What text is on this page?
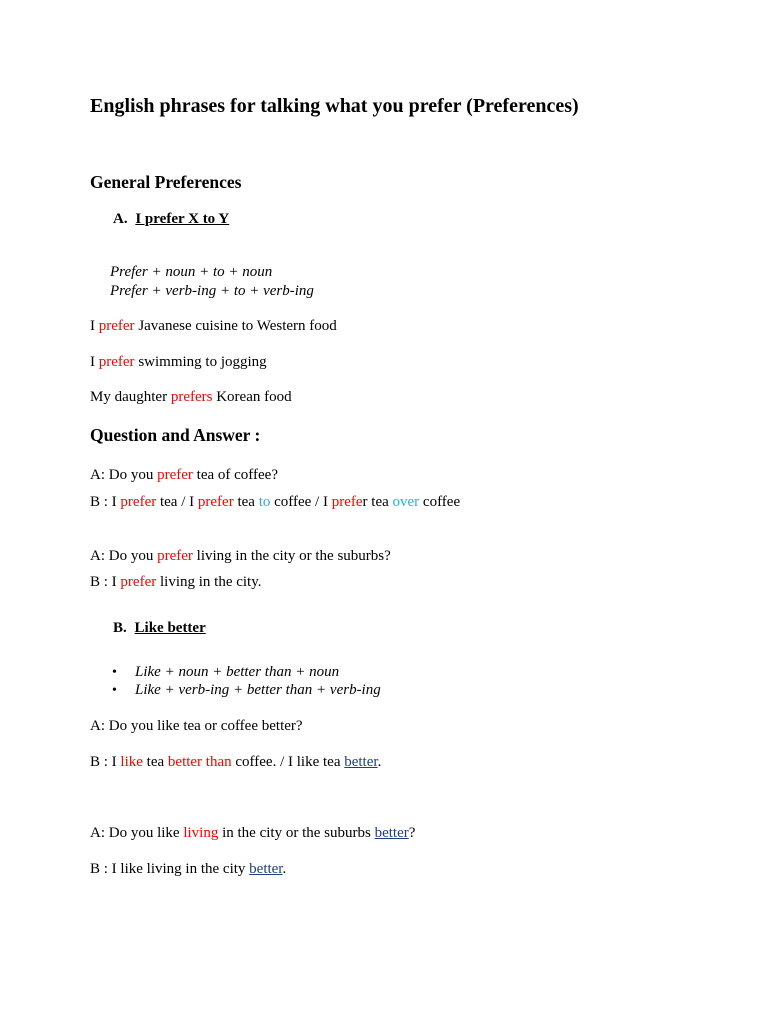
English phrases for talking what you prefer (Preferences)
General Preferences
A. I prefer X to Y
Prefer + noun + to + noun
Prefer + verb-ing + to + verb-ing
I prefer Javanese cuisine to Western food
I prefer swimming to jogging
My daughter prefers Korean food
Question and Answer :
A: Do you prefer tea of coffee?
B : I prefer tea / I prefer tea to coffee / I prefer tea over coffee
A: Do you prefer living in the city or the suburbs?
B : I prefer living in the city.
B. Like better
• Like + noun + better than + noun
• Like + verb-ing + better than + verb-ing
A: Do you like tea or coffee better?
B : I like tea better than coffee. / I like tea better.
A: Do you like living in the city or the suburbs better?
B : I like living in the city better.
